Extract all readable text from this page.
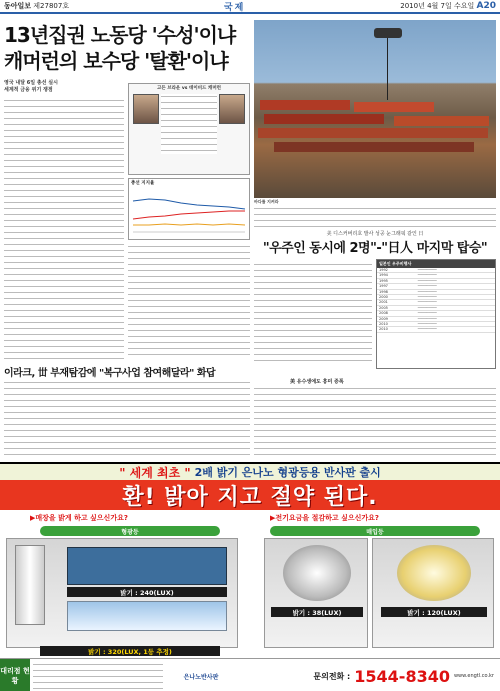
동아일보 제27807호	국제	2010년 4월 7일 수요일 A20
13년집권 노동당 '수성'이냐
캐머런의 보수당 '탈환'이냐
영국 내달 6일 총선 실시
세계적 금융 위기 쟁점	고든 브라운 vs 데이비드 캐머런
총선 지지율
바다를 지켜라
美 디스커버리호 발사 성공 눈그래픽 같인 日
"우주인 동시에 2명"-"日人 마지막 탑승"
일본인 우주비행사
1992	─────────
1994	─────────
1995	─────────
1997	─────────
1998	─────────
2000	─────────
2001	─────────
2005	─────────
2008	─────────
2009	─────────
2010	─────────
2010	─────────
이라크, 丗 부재탐감에 "복구사업 참여해달라" 화답
美 유수생에도 흥미 증폭
" 세계 최초 " 2배 밝기 은나노 형광등용 반사판 출시
환! 밝아 지고 절약 된다.
▶매장을 밝게 하고 싶으신가요?	▶전기요금을 절감하고 싶으신가요?
형광등	매입등
밝기 : 240(LUX)
밝기 : 38(LUX)	밝기 : 120(LUX)
밝기 : 320(LUX, 1등 추정)
대리점 현황	은나노반사판	문의전화 : 1544-8340 www.engtl.co.kr
